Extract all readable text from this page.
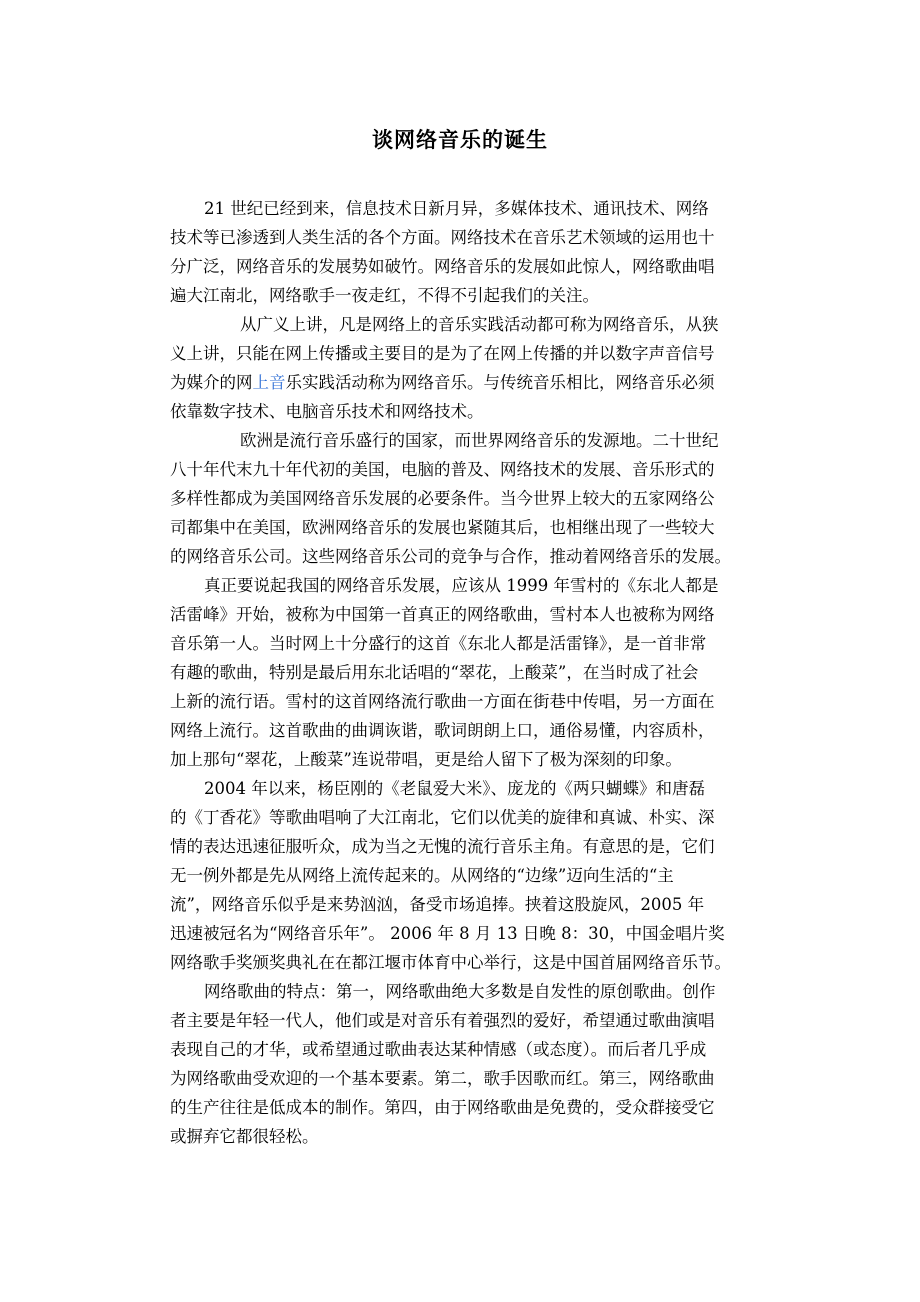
谈网络音乐的诞生
21 世纪已经到来，信息技术日新月异，多媒体技术、通讯技术、网络
技术等已渗透到人类生活的各个方面。网络技术在音乐艺术领域的运用也十
分广泛，网络音乐的发展势如破竹。网络音乐的发展如此惊人，网络歌曲唱
遍大江南北，网络歌手一夜走红，不得不引起我们的关注。
从广义上讲，凡是网络上的音乐实践活动都可称为网络音乐，从狭
义上讲，只能在网上传播或主要目的是为了在网上传播的并以数字声音信号
为媒介的网上音乐实践活动称为网络音乐。与传统音乐相比，网络音乐必须
依靠数字技术、电脑音乐技术和网络技术。
欧洲是流行音乐盛行的国家，而世界网络音乐的发源地。二十世纪
八十年代末九十年代初的美国，电脑的普及、网络技术的发展、音乐形式的
多样性都成为美国网络音乐发展的必要条件。当今世界上较大的五家网络公
司都集中在美国，欧洲网络音乐的发展也紧随其后，也相继出现了一些较大
的网络音乐公司。这些网络音乐公司的竞争与合作，推动着网络音乐的发展。
真正要说起我国的网络音乐发展，应该从 1999 年雪村的《东北人都是
活雷峰》开始，被称为中国第一首真正的网络歌曲，雪村本人也被称为网络
音乐第一人。当时网上十分盛行的这首《东北人都是活雷锋》，是一首非常
有趣的歌曲，特别是最后用东北话唱的“翠花，上酸菜”，在当时成了社会
上新的流行语。雪村的这首网络流行歌曲一方面在街巷中传唱，另一方面在
网络上流行。这首歌曲的曲调诙谐，歌词朗朗上口，通俗易懂，内容质朴，
加上那句“翠花，上酸菜”连说带唱，更是给人留下了极为深刻的印象。
2004 年以来，杨臣刚的《老鼠爱大米》、庞龙的《两只蝴蝶》和唐磊
的《丁香花》等歌曲唱响了大江南北，它们以优美的旋律和真诚、朴实、深
情的表达迅速征服听众，成为当之无愧的流行音乐主角。有意思的是，它们
无一例外都是先从网络上流传起来的。从网络的“边缘”迈向生活的“主
流”，网络音乐似乎是来势汹汹，备受市场追捧。挟着这股旋风，2005 年
迅速被冠名为“网络音乐年”。 2006 年 8 月 13 日晚 8：30，中国金唱片奖
网络歌手奖颁奖典礼在在都江堰市体育中心举行，这是中国首届网络音乐节。
网络歌曲的特点：第一，网络歌曲绝大多数是自发性的原创歌曲。创作
者主要是年轻一代人，他们或是对音乐有着强烈的爱好，希望通过歌曲演唱
表现自己的才华，或希望通过歌曲表达某种情感（或态度）。而后者几乎成
为网络歌曲受欢迎的一个基本要素。第二，歌手因歌而红。第三，网络歌曲
的生产往往是低成本的制作。第四，由于网络歌曲是免费的，受众群接受它
或摒弃它都很轻松。
